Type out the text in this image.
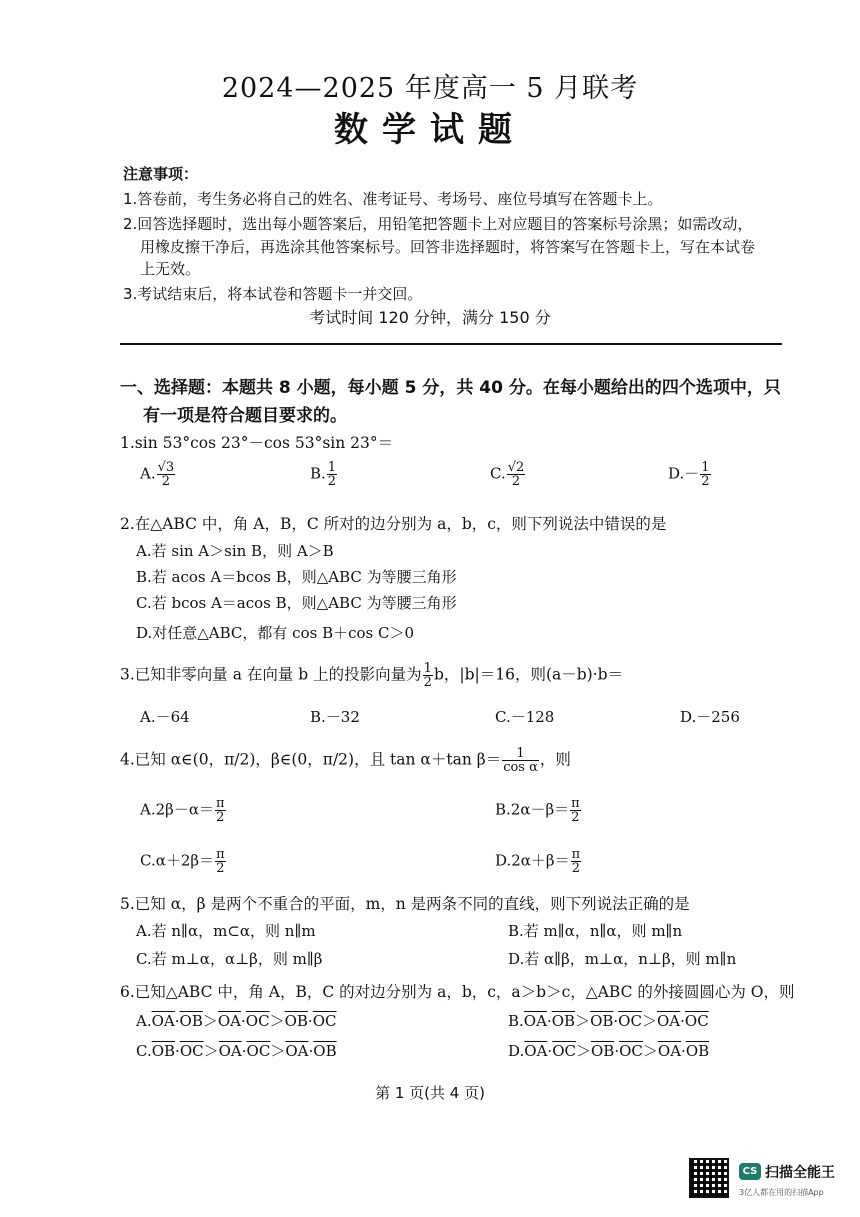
2024—2025 年度高一 5 月联考
数学试题
注意事项：
1.答卷前，考生务必将自己的姓名、准考证号、考场号、座位号填写在答题卡上。
2.回答选择题时，选出每小题答案后，用铅笔把答题卡上对应题目的答案标号涂黑；如需改动，
用橡皮擦干净后，再选涂其他答案标号。回答非选择题时，将答案写在答题卡上，写在本试卷
上无效。
3.考试结束后，将本试卷和答题卡一并交回。
考试时间 120 分钟，满分 150 分
一、选择题：本题共 8 小题，每小题 5 分，共 40 分。在每小题给出的四个选项中，只
有一项是符合题目要求的。
1.sin 53°cos 23°－cos 53°sin 23°＝
A. $\frac{√3}{2}$	B. $\frac{1}{2}$	C. $\frac{√2}{2}$	$D.- \frac{1}{2}$
2.在△ABC 中，角 A，B，C 所对的边分别为 a，b，c，则下列说法中错误的是
A.若 sin A＞sin B，则 A＞B
B.若 acos A＝bcos B，则△ABC 为等腰三角形
C.若 bcos A＝acos B，则△ABC 为等腰三角形
D.对任意△ABC，都有 cos B＋cos C＞0
3.已知非零向量 a 在向量 b 上的投影向量为 $\frac{1}{2}$ b，|b|＝16，则(a－b)·b＝
A.－64	B.－32	C.－128	D.－256
4.已知 α∈(0，π/2)，β∈(0，π/2)，且 tan α＋tan $\beta= \frac{1}{\text{cos α}}$ ，则
$A.2\beta-\alpha= \frac{\pi}{2}$	$B.2\alpha-\beta= \frac{\pi}{2}$
$C.\alpha+2\beta= \frac{\pi}{2}$	$D.2\alpha+\beta= \frac{\pi}{2}$
5.已知 α，β 是两个不重合的平面，m，n 是两条不同的直线，则下列说法正确的是
A.若 n∥α，m⊂α，则 n∥m	B.若 m∥α，n∥α，则 m∥n
C.若 m⊥α，α⊥β，则 m∥β	D.若 α∥β，m⊥α，n⊥β，则 m∥n
6.已知△ABC 中，角 A，B，C 的对边分别为 a，b，c，a＞b＞c，△ABC 的外接圆圆心为 O，则
$A.\overline{OA}\cdot\overline{OB}>\overline{OA}\cdot\overline{OC}>\overline{OB}\cdot\overline{OC}$	$B.\overline{OA}\cdot\overline{OB}>\overline{OB}\cdot\overline{OC}>\overline{OA}\cdot\overline{OC}$
$C.\overline{OB}\cdot\overline{OC}>\overline{OA}\cdot\overline{OC}>\overline{OA}\cdot\overline{OB}$	$D.\overline{OA}\cdot\overline{OC}>\overline{OB}\cdot\overline{OC}>\overline{OA}\cdot\overline{OB}$
第 1 页(共 4 页)
CS 扫描全能王
3亿人都在用的扫描App
